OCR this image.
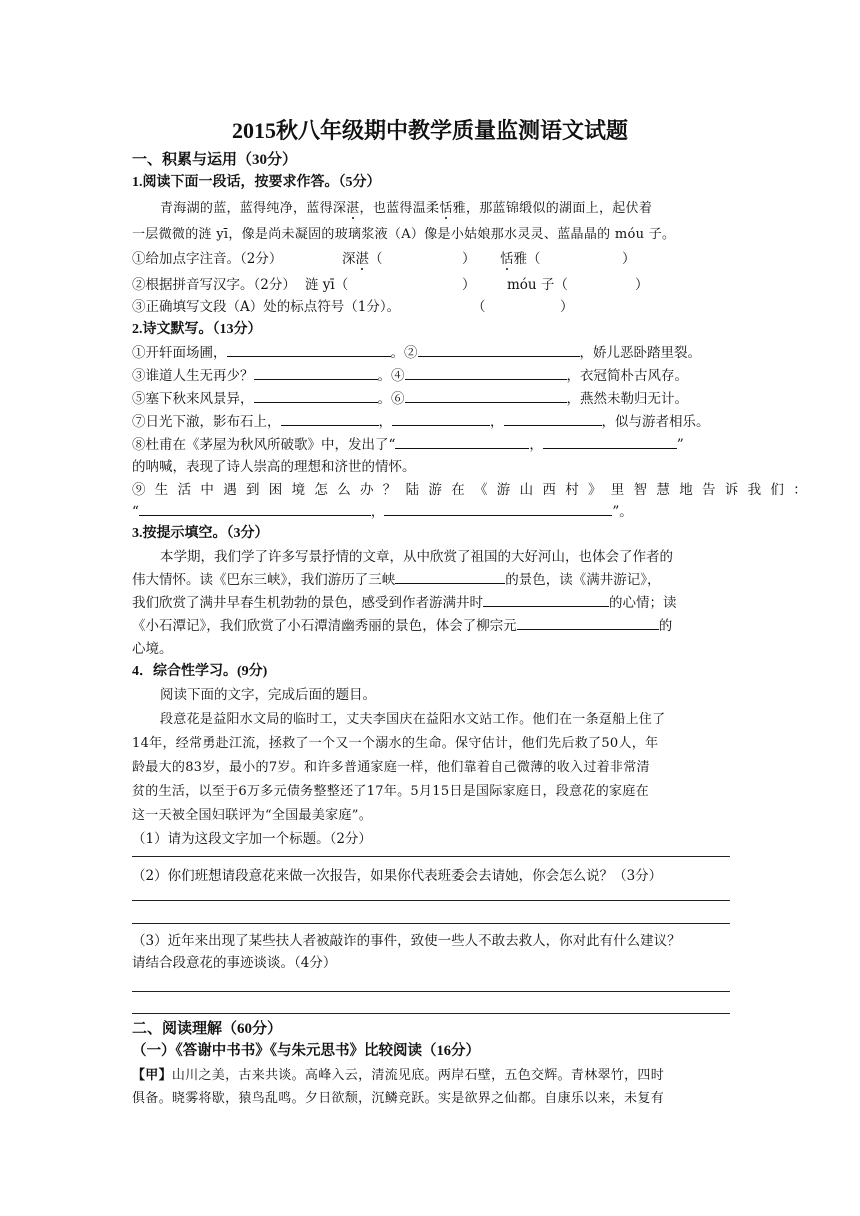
2015秋八年级期中教学质量监测语文试题
一、积累与运用（30分）
1.阅读下面一段话，按要求作答。（5分）
青海湖的蓝，蓝得纯净，蓝得深湛，也蓝得温柔恬雅，那蓝锦缎似的湖面上，起伏着
一层微微的涟 yī，像是尚未凝固的玻璃浆液（A）像是小姑娘那水灵灵、蓝晶晶的 móu 子。
①给加点字注音。（2分）	深湛（	） 恬雅（	）
②根据拼音写汉字。（2分） 涟 yī（	） móu 子（	）
③正确填写文段（A）处的标点符号（1分）。	（	）
2.诗文默写。（13分）
①开轩面场圃，	。②	，娇儿恶卧踏里裂。
③谁道人生无再少？	。④	，衣冠简朴古风存。
⑤塞下秋来风景异，	。⑥	，燕然未勒归无计。
⑦日光下澈，影布石上，	，	，	，似与游者相乐。
⑧杜甫在《茅屋为秋风所破歌》中，发出了“	，	”
的呐喊，表现了诗人崇高的理想和济世的情怀。
⑨生活中遇到困境怎么办？陆游在《游山西村》里智慧地告诉我们：
“	，	”。
3.按提示填空。（3分）
本学期，我们学了许多写景抒情的文章，从中欣赏了祖国的大好河山，也体会了作者的
伟大情怀。读《巴东三峡》，我们游历了三峡	的景色，读《满井游记》，
我们欣赏了满井早春生机勃勃的景色，感受到作者游满井时	的心情；读
《小石潭记》，我们欣赏了小石潭清幽秀丽的景色，体会了柳宗元	的
心境。
4．综合性学习。(9分)
阅读下面的文字，完成后面的题目。
段意花是益阳水文局的临时工，丈夫李国庆在益阳水文站工作。他们在一条趸船上住了
14年，经常勇赴江流，拯救了一个又一个溺水的生命。保守估计，他们先后救了50人，年
龄最大的83岁，最小的7岁。和许多普通家庭一样，他们靠着自己微薄的收入过着非常清
贫的生活，以至于6万多元债务整整还了17年。5月15日是国际家庭日，段意花的家庭在
这一天被全国妇联评为“全国最美家庭”。
（1）请为这段文字加一个标题。（2分）
（2）你们班想请段意花来做一次报告，如果你代表班委会去请她，你会怎么说？（3分）
（3）近年来出现了某些扶人者被敲诈的事件，致使一些人不敢去救人，你对此有什么建议？
请结合段意花的事迹谈谈。（4分）
二、阅读理解（60分）
（一）《答谢中书书》《与朱元思书》比较阅读（16分）
【甲】山川之美，古来共谈。高峰入云，清流见底。两岸石壁，五色交辉。青林翠竹，四时
俱备。晓雾将歇，猿鸟乱鸣。夕日欲颓，沉鳞竞跃。实是欲界之仙都。自康乐以来，未复有
